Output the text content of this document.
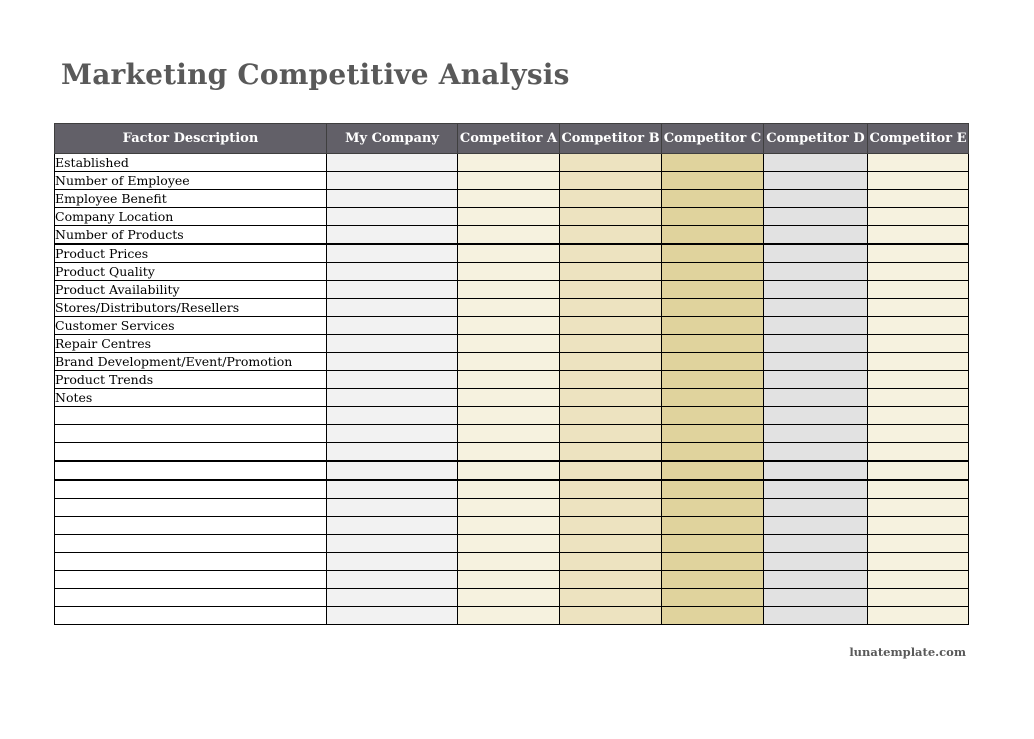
Marketing Competitive Analysis
Factor Description	My Company	Competitor A	Competitor B	Competitor C	Competitor D	Competitor E
Established						
Number of Employee						
Employee Benefit						
Company Location						
Number of Products						
Product Prices						
Product Quality						
Product Availability						
Stores/Distributors/Resellers						
Customer Services						
Repair Centres						
Brand Development/Event/Promotion						
Product Trends						
Notes						

lunatemplate.com
